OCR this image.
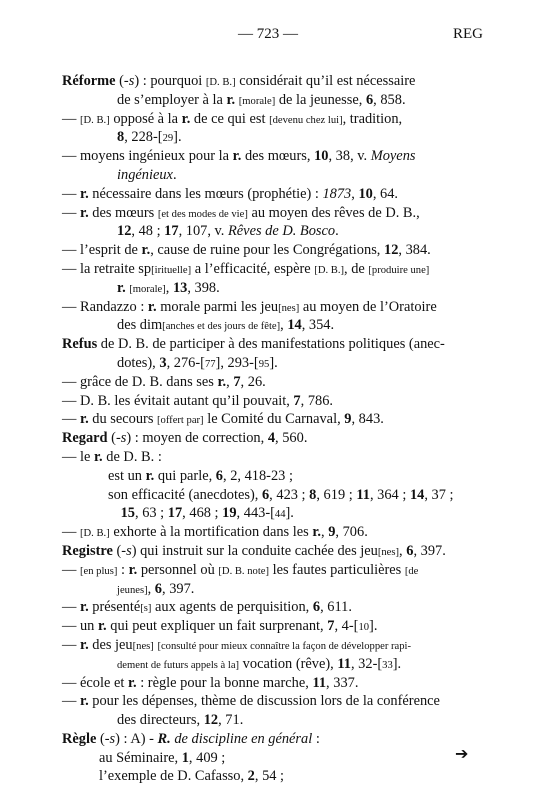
— 723 —	REG
Réforme (-s) : pourquoi [D. B.] considérait qu’il est nécessaire
de s’employer à la r. [morale] de la jeunesse, 6, 858.
— [D. B.] opposé à la r. de ce qui est [devenu chez lui], tradition,
8, 228-[29].
— moyens ingénieux pour la r. des mœurs, 10, 38, v. Moyens
ingénieux.
— r. nécessaire dans les mœurs (prophétie) : 1873, 10, 64.
— r. des mœurs [et des modes de vie] au moyen des rêves de D. B.,
12, 48 ; 17, 107, v. Rêves de D. Bosco.
— l’esprit de r., cause de ruine pour les Congrégations, 12, 384.
— la retraite sp[irituelle] a l’efficacité, espère [D. B.], de [produire une]
r. [morale], 13, 398.
— Randazzo : r. morale parmi les jeu[nes] au moyen de l’Oratoire
des dim[anches et des jours de fête], 14, 354.
Refus de D. B. de participer à des manifestations politiques (anec-
dotes), 3, 276-[77], 293-[95].
— grâce de D. B. dans ses r., 7, 26.
— D. B. les évitait autant qu’il pouvait, 7, 786.
— r. du secours [offert par] le Comité du Carnaval, 9, 843.
Regard (-s) : moyen de correction, 4, 560.
— le r. de D. B. :
est un r. qui parle, 6, 2, 418-23 ;
son efficacité (anecdotes), 6, 423 ; 8, 619 ; 11, 364 ; 14, 37 ;
15, 63 ; 17, 468 ; 19, 443-[44].
— [D. B.] exhorte à la mortification dans les r., 9, 706.
Registre (-s) qui instruit sur la conduite cachée des jeu[nes], 6, 397.
— [en plus] : r. personnel où [D. B. note] les fautes particulières [de
jeunes], 6, 397.
— r. présenté[s] aux agents de perquisition, 6, 611.
— un r. qui peut expliquer un fait surprenant, 7, 4-[10].
— r. des jeu[nes] [consulté pour mieux connaître la façon de développer rapi-
dement de futurs appels à la] vocation (rêve), 11, 32-[33].
— école et r. : règle pour la bonne marche, 11, 337.
— r. pour les dépenses, thème de discussion lors de la conférence
des directeurs, 12, 71.
Règle (-s) : A) - R. de discipline en général :
au Séminaire, 1, 409 ;
l’exemple de D. Cafasso, 2, 54 ;
➔
